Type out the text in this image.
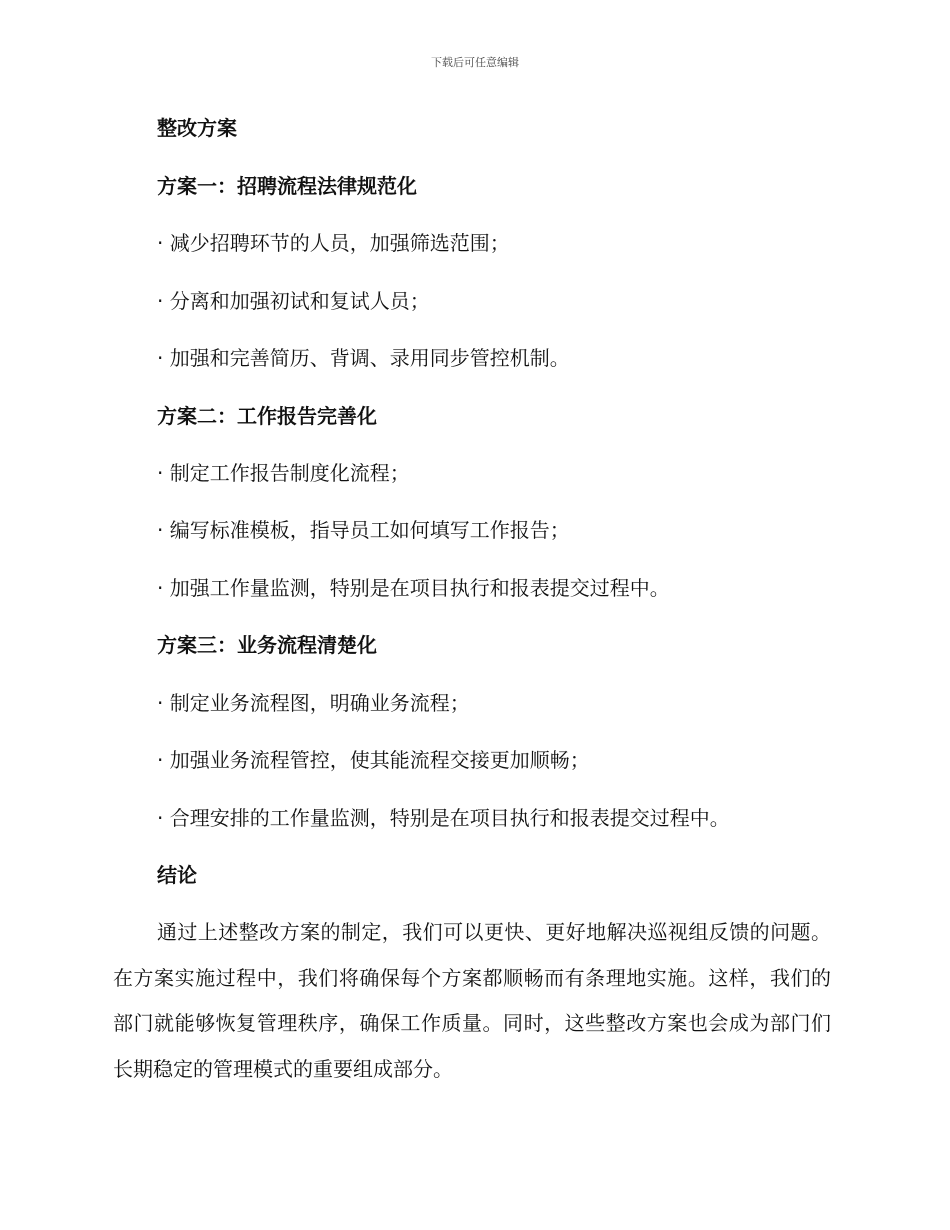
下载后可任意编辑
整改方案
方案一：招聘流程法律规范化

· 减少招聘环节的人员，加强筛选范围；

· 分离和加强初试和复试人员；

· 加强和完善简历、背调、录用同步管控机制。

方案二：工作报告完善化

· 制定工作报告制度化流程；

· 编写标准模板，指导员工如何填写工作报告；

· 加强工作量监测，特别是在项目执行和报表提交过程中。

方案三：业务流程清楚化

· 制定业务流程图，明确业务流程；

· 加强业务流程管控，使其能流程交接更加顺畅；

· 合理安排的工作量监测，特别是在项目执行和报表提交过程中。

结论

通过上述整改方案的制定，我们可以更快、更好地解决巡视组反馈的问题。在方案实施过程中，我们将确保每个方案都顺畅而有条理地实施。这样，我们的部门就能够恢复管理秩序，确保工作质量。同时，这些整改方案也会成为部门们长期稳定的管理模式的重要组成部分。
